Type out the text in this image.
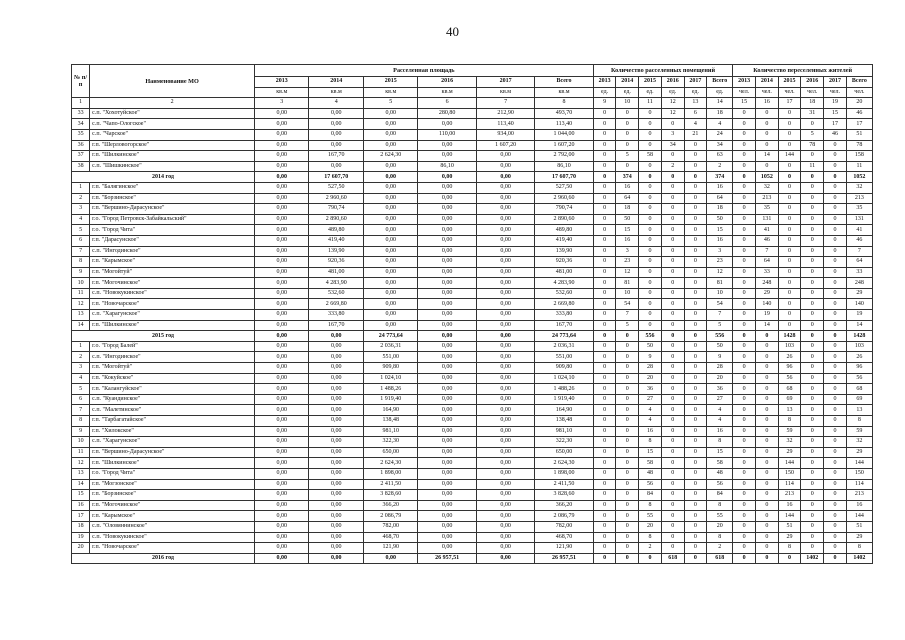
40
№ п/п	Наименование МО	Расселенная площадь						Количество расселенных помещений						Количество переселенных жителей					
		2013	2014	2015	2016	2017	Всего	2013	2014	2015	2016	2017	Всего	2013	2014	2015	2016	2017	Всего
		кв.м	кв.м	кв.м	кв.м	кв.м	кв.м	ед.	ед.	ед.	ед.	ед.	ед.	чел.	чел.	чел.	чел.	чел.	чел.
1	2	3	4	5	6	7	8	9	10	11	12	13	14	15	16	17	18	19	20
33	с.п. "Хохотуйское"	0,00	0,00	0,00	280,80	212,90	493,70	0	0	0	12	6	18	0	0	0	31	15	46
34	с.п. "Чапо-Ологское"	0,00	0,00	0,00	0,00	113,40	113,40	0	0	0	0	4	4	0	0	0	0	17	17
35	с.п. "Чарское"	0,00	0,00	0,00	110,00	934,00	1 044,00	0	0	0	3	21	24	0	0	0	5	46	51
36	г.п. "Шерловогорское"	0,00	0,00	0,00	0,00	1 607,20	1 607,20	0	0	0	34	0	34	0	0	0	78	0	78
37	г.п. "Шилкинское"	0,00	167,70	2 624,30	0,00	0,00	2 792,00	0	5	58	0	0	63	0	14	144	0	0	158
38	с.п. "Шишкинское"	0,00	0,00	0,00	86,10	0,00	86,10	0	0	0	2	0	2	0	0	0	11	0	11
2014 год		0,00	17 607,70	0,00	0,00	0,00	17 607,70	0	374	0	0	0	374	0	1052	0	0	0	1052
1	г.п. "Балягинское"	0,00	527,50	0,00	0,00	0,00	527,50	0	16	0	0	0	16	0	32	0	0	0	32
2	г.п. "Борзинское"	0,00	2 960,60	0,00	0,00	0,00	2 960,60	0	64	0	0	0	64	0	213	0	0	0	213
3	г.п. "Вершино-Дарасунское"	0,00	790,74	0,00	0,00	0,00	790,74	0	18	0	0	0	18	0	35	0	0	0	35
4	г.о. "Город Петровск-Забайкальский"	0,00	2 890,60	0,00	0,00	0,00	2 890,60	0	50	0	0	0	50	0	131	0	0	0	131
5	г.о. "Город Чита"	0,00	489,80	0,00	0,00	0,00	489,80	0	15	0	0	0	15	0	41	0	0	0	41
6	г.п. "Дарасунское"	0,00	419,40	0,00	0,00	0,00	419,40	0	16	0	0	0	16	0	46	0	0	0	46
7	с.п. "Ингодинское"	0,00	139,90	0,00	0,00	0,00	139,90	0	3	0	0	0	3	0	7	0	0	0	7
8	г.п. "Карымское"	0,00	920,36	0,00	0,00	0,00	920,36	0	23	0	0	0	23	0	64	0	0	0	64
9	г.п. "Могойтуй"	0,00	481,00	0,00	0,00	0,00	481,00	0	12	0	0	0	12	0	33	0	0	0	33
10	г.п. "Могочинское"	0,00	4 283,90	0,00	0,00	0,00	4 283,90	0	81	0	0	0	81	0	248	0	0	0	248
11	с.п. "Новокукинское"	0,00	532,60	0,00	0,00	0,00	532,60	0	10	0	0	0	10	0	29	0	0	0	29
12	г.п. "Новочарское"	0,00	2 669,80	0,00	0,00	0,00	2 669,80	0	54	0	0	0	54	0	140	0	0	0	140
13	с.п. "Харагунское"	0,00	333,80	0,00	0,00	0,00	333,80	0	7	0	0	0	7	0	19	0	0	0	19
14	г.п. "Шилкинское"	0,00	167,70	0,00	0,00	0,00	167,70	0	5	0	0	0	5	0	14	0	0	0	14
2015 год		0,00	0,00	24 773,64	0,00	0,00	24 773,64	0	0	556	0	0	556	0	0	1428	0	0	1428
1	г.о. "Город Балей"	0,00	0,00	2 036,31	0,00	0,00	2 036,31	0	0	50	0	0	50	0	0	103	0	0	103
2	с.п. "Ингодинское"	0,00	0,00	551,00	0,00	0,00	551,00	0	0	9	0	0	9	0	0	26	0	0	26
3	г.п. "Могойтуй"	0,00	0,00	909,80	0,00	0,00	909,80	0	0	28	0	0	28	0	0	96	0	0	96
4	г.п. "Кокуйское"	0,00	0,00	1 024,10	0,00	0,00	1 024,10	0	0	20	0	0	20	0	0	56	0	0	56
5	г.п. "Калангуйское"	0,00	0,00	1 488,26	0,00	0,00	1 488,26	0	0	36	0	0	36	0	0	68	0	0	68
6	с.п. "Куандинское"	0,00	0,00	1 919,40	0,00	0,00	1 919,40	0	0	27	0	0	27	0	0	69	0	0	69
7	с.п. "Малетинское"	0,00	0,00	164,90	0,00	0,00	164,90	0	0	4	0	0	4	0	0	13	0	0	13
8	г.п. "Тарбагатайское"	0,00	0,00	138,48	0,00	0,00	138,48	0	0	4	0	0	4	0	0	8	0	0	8
9	г.п. "Хилокское"	0,00	0,00	981,10	0,00	0,00	981,10	0	0	16	0	0	16	0	0	59	0	0	59
10	с.п. "Харагунское"	0,00	0,00	322,30	0,00	0,00	322,30	0	0	8	0	0	8	0	0	32	0	0	32
11	г.п. "Вершино-Дарасунское"	0,00	0,00	650,00	0,00	0,00	650,00	0	0	15	0	0	15	0	0	29	0	0	29
12	г.п. "Шилкинское"	0,00	0,00	2 624,30	0,00	0,00	2 624,30	0	0	58	0	0	58	0	0	144	0	0	144
13	г.о. "Город Чита"	0,00	0,00	1 898,00	0,00	0,00	1 898,00	0	0	48	0	0	48	0	0	150	0	0	150
14	г.п. "Могзонское"	0,00	0,00	2 411,50	0,00	0,00	2 411,50	0	0	56	0	0	56	0	0	114	0	0	114
15	г.п. "Борзинское"	0,00	0,00	3 828,60	0,00	0,00	3 828,60	0	0	84	0	0	84	0	0	213	0	0	213
16	г.п. "Могочинское"	0,00	0,00	366,20	0,00	0,00	366,20	0	0	8	0	0	8	0	0	16	0	0	16
17	г.п. "Карымское"	0,00	0,00	2 086,79	0,00	0,00	2 086,79	0	0	55	0	0	55	0	0	144	0	0	144
18	с.п. "Оловяннинское"	0,00	0,00	782,00	0,00	0,00	782,00	0	0	20	0	0	20	0	0	51	0	0	51
19	с.п. "Новокукинское"	0,00	0,00	468,70	0,00	0,00	468,70	0	0	8	0	0	8	0	0	29	0	0	29
20	г.п. "Новочарское"	0,00	0,00	121,90	0,00	0,00	121,90	0	0	2	0	0	2	0	0	8	0	0	8
2016 год		0,00	0,00	0,00	26 957,51	0,00	26 957,51	0	0	0	618	0	618	0	0	0	1402	0	1402
